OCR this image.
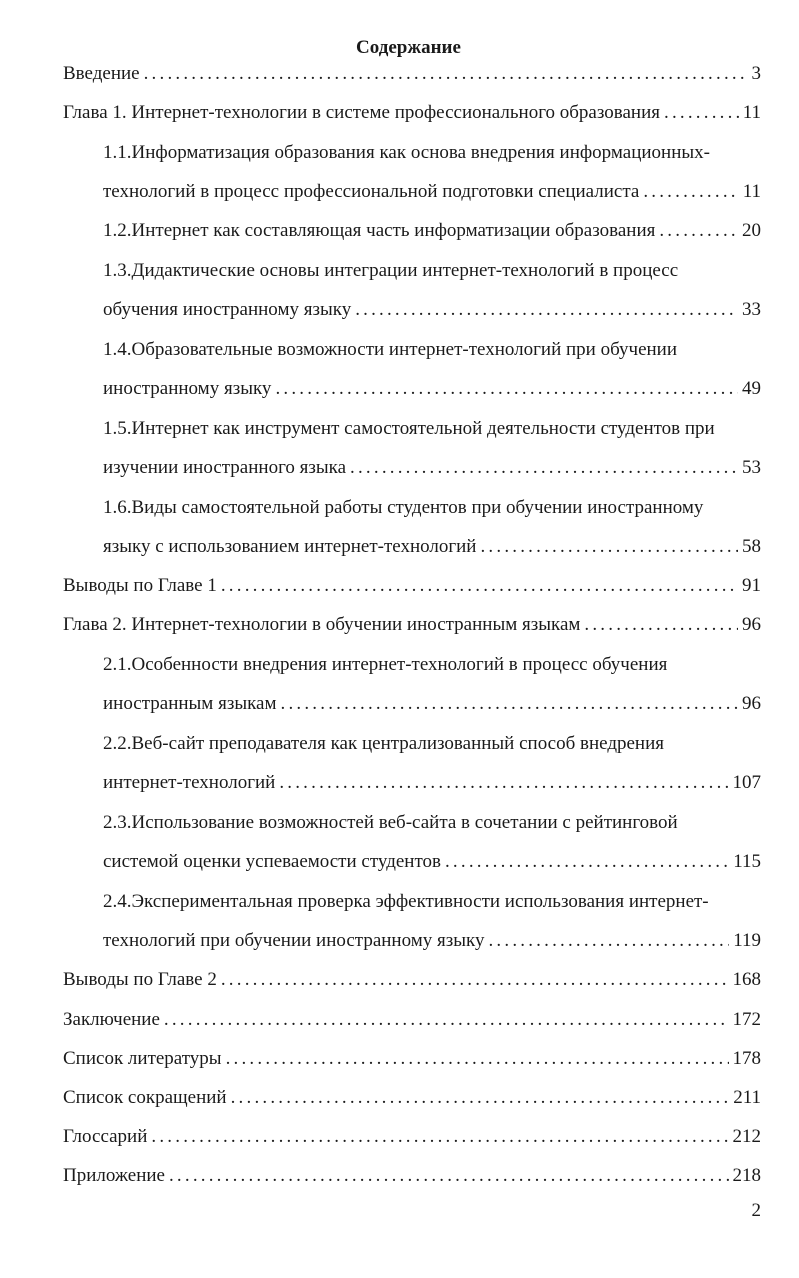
Содержание
Введение .....	3
Глава 1. Интернет-технологии в системе профессионального образования .....	11
1.1.Информатизация образования как основа внедрения информационных-
технологий в процесс профессиональной подготовки специалиста .....	11
1.2.Интернет как составляющая часть информатизации образования .....	20
1.3.Дидактические основы интеграции интернет-технологий в процесс
обучения иностранному языку .....	33
1.4.Образовательные возможности интернет-технологий при обучении
иностранному языку .....	49
1.5.Интернет как инструмент самостоятельной деятельности студентов при
изучении иностранного языка .....	53
1.6.Виды самостоятельной работы студентов при обучении иностранному
языку с использованием интернет-технологий .....	58
Выводы по Главе 1 .....	91
Глава 2. Интернет-технологии в обучении иностранным языкам .....	96
2.1.Особенности внедрения интернет-технологий в процесс обучения
иностранным языкам .....	96
2.2.Веб-сайт преподавателя как централизованный способ внедрения
интернет-технологий .....	107
2.3.Использование возможностей веб-сайта в сочетании с рейтинговой
системой оценки успеваемости студентов .....	115
2.4.Экспериментальная проверка эффективности использования интернет-
технологий при обучении иностранному языку .....	119
Выводы по Главе 2 .....	168
Заключение .....	172
Список литературы .....	178
Список сокращений .....	211
Глоссарий .....	212
Приложение .....	218
2
